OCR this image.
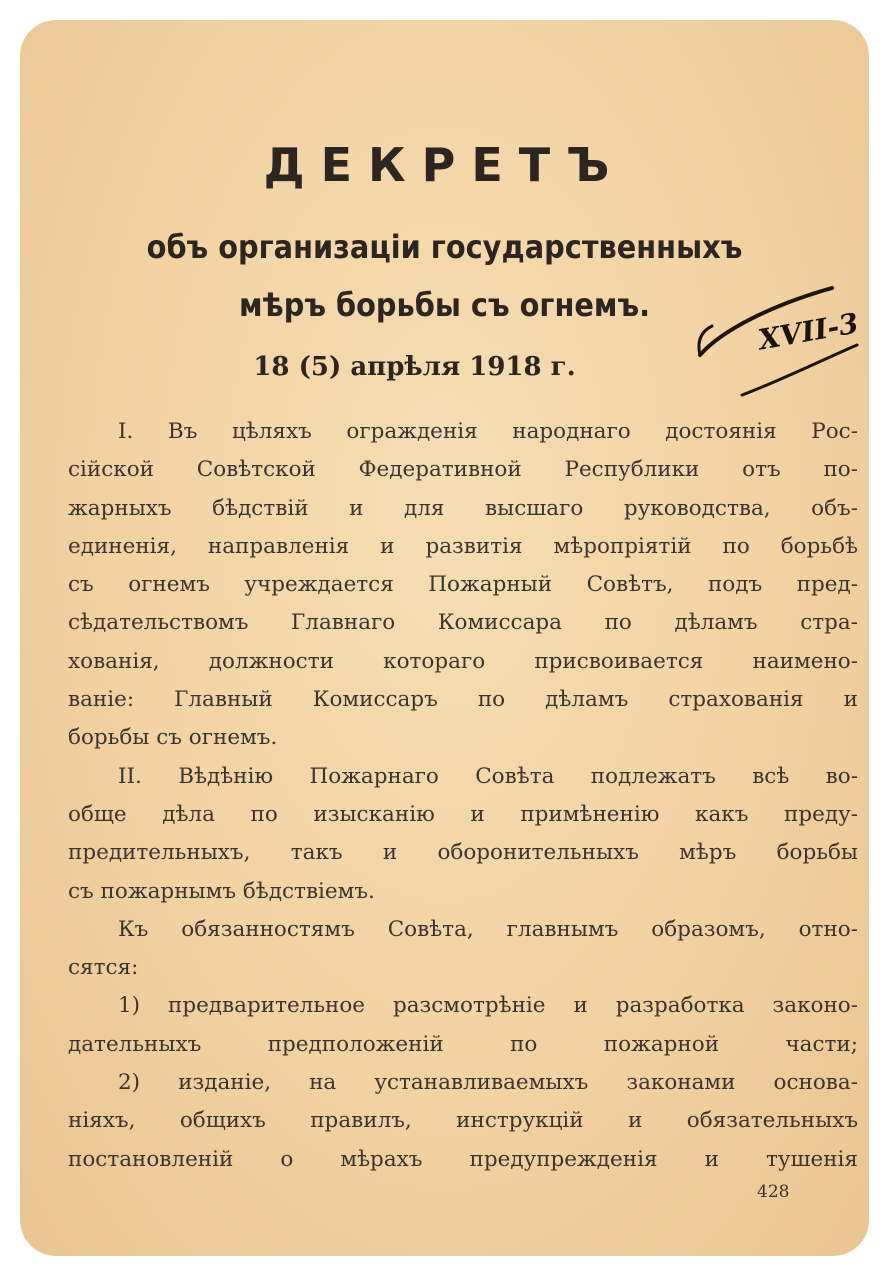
ДЕКРЕТЪ
объ организацiи государственныхъ
мѣръ борьбы съ огнемъ.
18 (5) апрѣля 1918 г.
XVII-3
I. Въ цѣляхъ огражденiя народнаго достоянiя Рос-
сiйской Совѣтской Федеративной Республики отъ по-
жарныхъ бѣдствiй и для высшаго руководства, объ-
единенiя, направленiя и развитiя мѣропрiятiй по борьбѣ
съ огнемъ учреждается Пожарный Совѣтъ, подъ пред-
сѣдательствомъ Главнаго Комиссара по дѣламъ стра-
хованiя, должности котораго присвоивается наимено-
ванiе: Главный Комиссаръ по дѣламъ страхованiя и
борьбы съ огнемъ.
II. Вѣдѣнiю Пожарнаго Совѣта подлежатъ всѣ во-
обще дѣла по изысканiю и примѣненiю какъ преду-
предительныхъ, такъ и оборонительныхъ мѣръ борьбы
съ пожарнымъ бѣдствiемъ.
Къ обязанностямъ Совѣта, главнымъ образомъ, отно-
сятся:
1) предварительное разсмотрѣнiе и разработка законо-
дательныхъ предположенiй по пожарной части;
2) изданiе, на устанавливаемыхъ законами основа-
нiяхъ, общихъ правилъ, инструкцiй и обязательныхъ
постановленiй о мѣрахъ предупрежденiя и тушенiя
428
